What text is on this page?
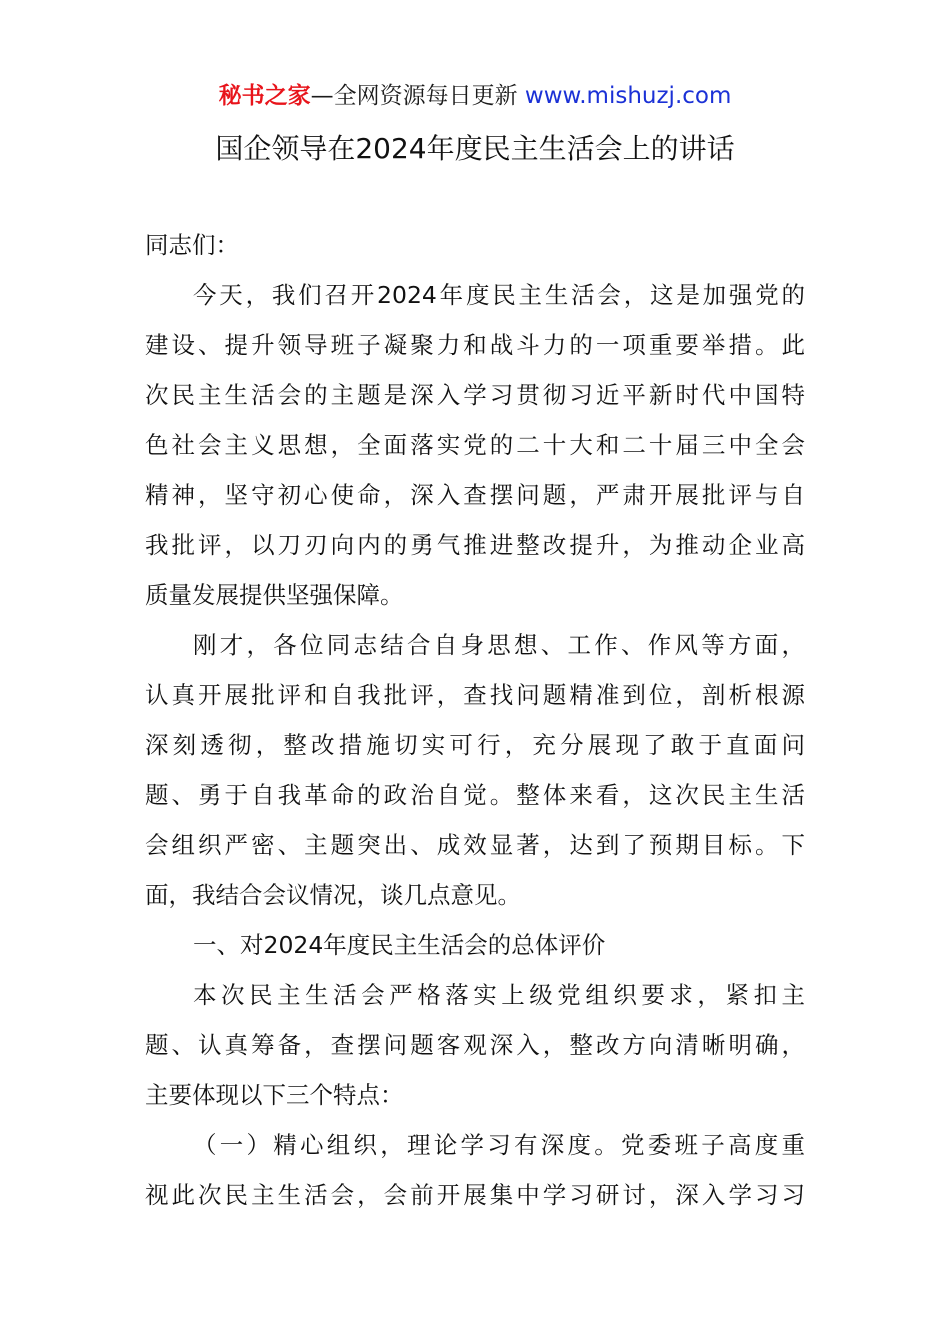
秘书之家—全网资源每日更新 www.mishuzj.com
国企领导在2024年度民主生活会上的讲话
同志们：
今天，我们召开2024年度民主生活会，这是加强党的
建设、提升领导班子凝聚力和战斗力的一项重要举措。此
次民主生活会的主题是深入学习贯彻习近平新时代中国特
色社会主义思想，全面落实党的二十大和二十届三中全会
精神，坚守初心使命，深入查摆问题，严肃开展批评与自
我批评，以刀刃向内的勇气推进整改提升，为推动企业高
质量发展提供坚强保障。
刚才，各位同志结合自身思想、工作、作风等方面，
认真开展批评和自我批评，查找问题精准到位，剖析根源
深刻透彻，整改措施切实可行，充分展现了敢于直面问
题、勇于自我革命的政治自觉。整体来看，这次民主生活
会组织严密、主题突出、成效显著，达到了预期目标。下
面，我结合会议情况，谈几点意见。
一、对2024年度民主生活会的总体评价
本次民主生活会严格落实上级党组织要求，紧扣主
题、认真筹备，查摆问题客观深入，整改方向清晰明确，
主要体现以下三个特点：
（一）精心组织，理论学习有深度。党委班子高度重
视此次民主生活会，会前开展集中学习研讨，深入学习习
